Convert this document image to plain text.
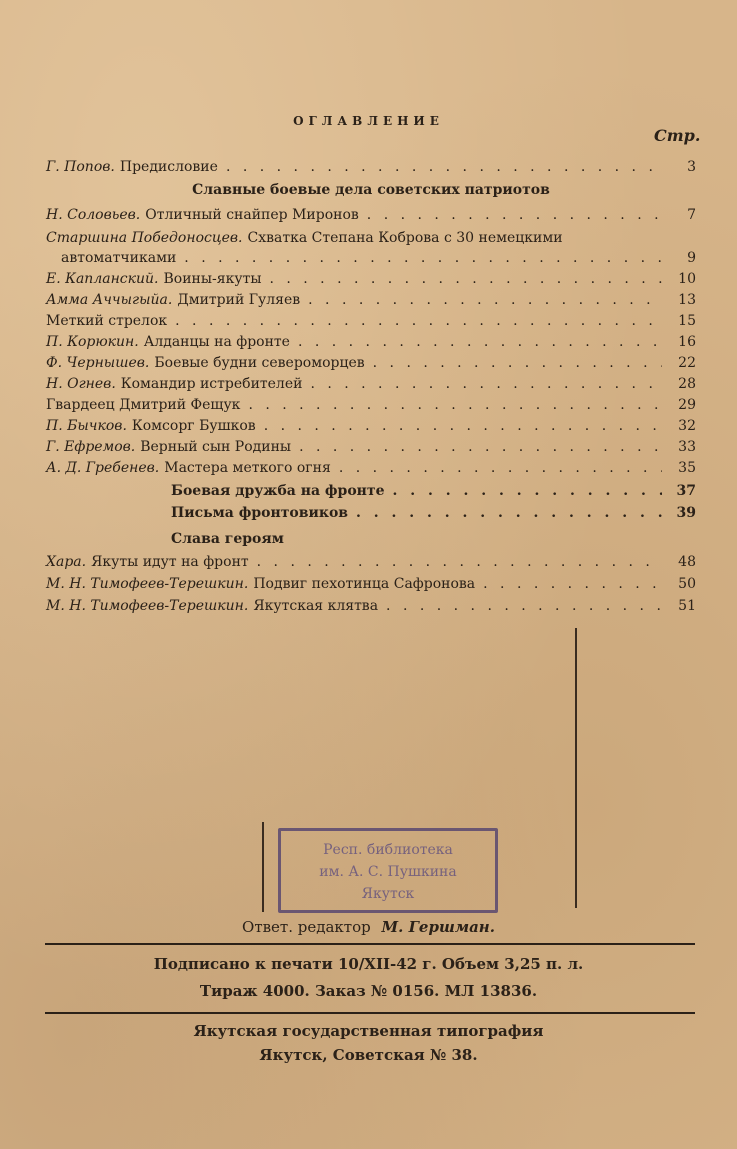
ОГЛАВЛЕНИЕ
Стр.
Г. Попов. Предисловие . . .	3
Славные боевые дела советских патриотов
Н. Соловьев. Отличный снайпер Миронов . . .	7
Старшина Победоносцев. Схватка Степана Коброва с 30 немецкими
автоматчиками . . .	9
Е. Капланский. Воины-якуты . . .	10
Амма Аччыгыйа. Дмитрий Гуляев . . .	13
Меткий стрелок . . .	15
П. Корюкин. Алданцы на фронте . . .	16
Ф. Чернышев. Боевые будни североморцев . . .	22
Н. Огнев. Командир истребителей . . .	28
Гвардеец Дмитрий Фещук . . .	29
П. Бычков. Комсорг Бушков . . .	32
Г. Ефремов. Верный сын Родины . . .	33
А. Д. Гребенев. Мастера меткого огня . . .	35
Боевая дружба на фронте . . .	37
Письма фронтовиков . . .	39
Слава героям
Хара. Якуты идут на фронт . . .	48
М. Н. Тимофеев-Терешкин. Подвиг пехотинца Сафронова . . .	50
М. Н. Тимофеев-Терешкин. Якутская клятва . . .	51
Респ. библиотека
им. А. С. Пушкина
Якутск
Ответ. редактор М. Гершман.
Подписано к печати 10/XII-42 г. Объем 3,25 п. л.
Тираж 4000. Заказ № 0156. МЛ 13836.
Якутская государственная типография
Якутск, Советская № 38.
